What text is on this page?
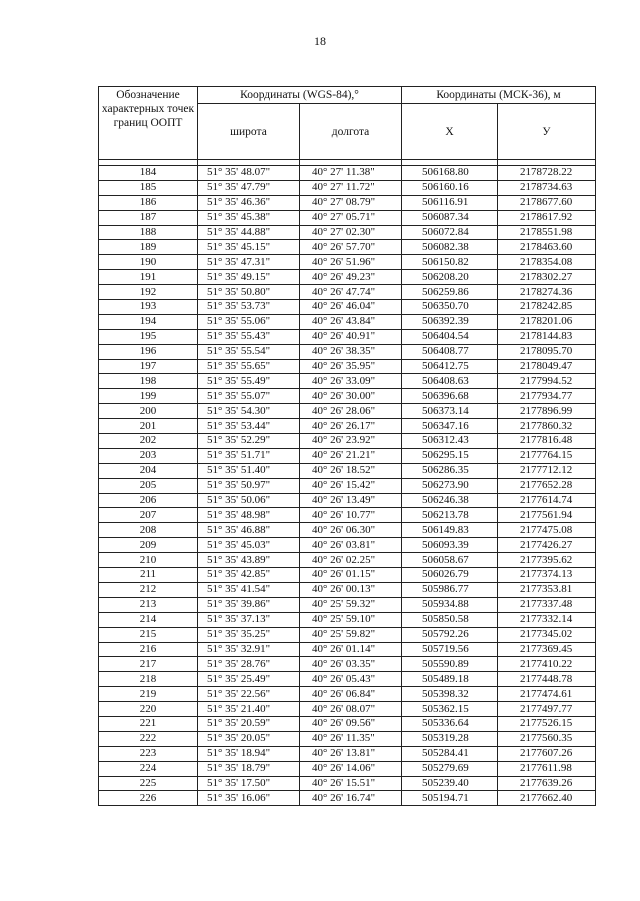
18
Обозначение характерных точек границ ООПТ	Координаты (WGS-84),°		Координаты (МСК-36), м	
	широта	долгота	X	У

184	51° 35' 48.07"	40° 27' 11.38"	506168.80	2178728.22
185	51° 35' 47.79"	40° 27' 11.72"	506160.16	2178734.63
186	51° 35' 46.36"	40° 27' 08.79"	506116.91	2178677.60
187	51° 35' 45.38"	40° 27' 05.71"	506087.34	2178617.92
188	51° 35' 44.88"	40° 27' 02.30"	506072.84	2178551.98
189	51° 35' 45.15"	40° 26' 57.70"	506082.38	2178463.60
190	51° 35' 47.31"	40° 26' 51.96"	506150.82	2178354.08
191	51° 35' 49.15"	40° 26' 49.23"	506208.20	2178302.27
192	51° 35' 50.80"	40° 26' 47.74"	506259.86	2178274.36
193	51° 35' 53.73"	40° 26' 46.04"	506350.70	2178242.85
194	51° 35' 55.06"	40° 26' 43.84"	506392.39	2178201.06
195	51° 35' 55.43"	40° 26' 40.91"	506404.54	2178144.83
196	51° 35' 55.54"	40° 26' 38.35"	506408.77	2178095.70
197	51° 35' 55.65"	40° 26' 35.95"	506412.75	2178049.47
198	51° 35' 55.49"	40° 26' 33.09"	506408.63	2177994.52
199	51° 35' 55.07"	40° 26' 30.00"	506396.68	2177934.77
200	51° 35' 54.30"	40° 26' 28.06"	506373.14	2177896.99
201	51° 35' 53.44"	40° 26' 26.17"	506347.16	2177860.32
202	51° 35' 52.29"	40° 26' 23.92"	506312.43	2177816.48
203	51° 35' 51.71"	40° 26' 21.21"	506295.15	2177764.15
204	51° 35' 51.40"	40° 26' 18.52"	506286.35	2177712.12
205	51° 35' 50.97"	40° 26' 15.42"	506273.90	2177652.28
206	51° 35' 50.06"	40° 26' 13.49"	506246.38	2177614.74
207	51° 35' 48.98"	40° 26' 10.77"	506213.78	2177561.94
208	51° 35' 46.88"	40° 26' 06.30"	506149.83	2177475.08
209	51° 35' 45.03"	40° 26' 03.81"	506093.39	2177426.27
210	51° 35' 43.89"	40° 26' 02.25"	506058.67	2177395.62
211	51° 35' 42.85"	40° 26' 01.15"	506026.79	2177374.13
212	51° 35' 41.54"	40° 26' 00.13"	505986.77	2177353.81
213	51° 35' 39.86"	40° 25' 59.32"	505934.88	2177337.48
214	51° 35' 37.13"	40° 25' 59.10"	505850.58	2177332.14
215	51° 35' 35.25"	40° 25' 59.82"	505792.26	2177345.02
216	51° 35' 32.91"	40° 26' 01.14"	505719.56	2177369.45
217	51° 35' 28.76"	40° 26' 03.35"	505590.89	2177410.22
218	51° 35' 25.49"	40° 26' 05.43"	505489.18	2177448.78
219	51° 35' 22.56"	40° 26' 06.84"	505398.32	2177474.61
220	51° 35' 21.40"	40° 26' 08.07"	505362.15	2177497.77
221	51° 35' 20.59"	40° 26' 09.56"	505336.64	2177526.15
222	51° 35' 20.05"	40° 26' 11.35"	505319.28	2177560.35
223	51° 35' 18.94"	40° 26' 13.81"	505284.41	2177607.26
224	51° 35' 18.79"	40° 26' 14.06"	505279.69	2177611.98
225	51° 35' 17.50"	40° 26' 15.51"	505239.40	2177639.26
226	51° 35' 16.06"	40° 26' 16.74"	505194.71	2177662.40
